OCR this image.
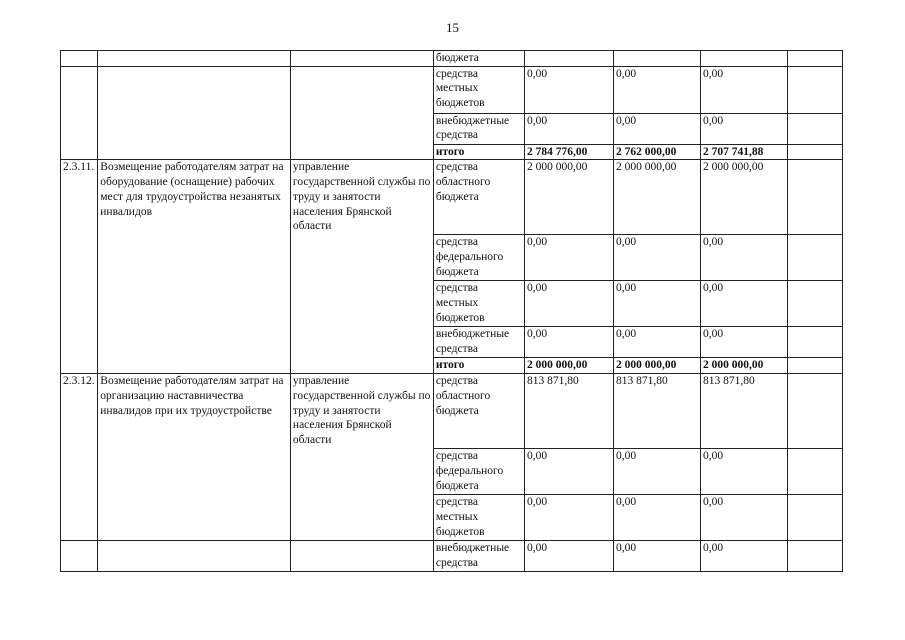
15
			бюджета				
			средства местных бюджетов	0,00	0,00	0,00	
			внебюджетные средства	0,00	0,00	0,00	
			итого	2 784 776,00	2 762 000,00	2 707 741,88	
2.3.11.	Возмещение работодателям затрат на оборудование (оснащение) рабочих мест для трудоустройства незанятых инвалидов	управление государственной службы по труду и занятости населения Брянской области	средства областного бюджета	2 000 000,00	2 000 000,00	2 000 000,00	
			средства федерального бюджета	0,00	0,00	0,00	
			средства местных бюджетов	0,00	0,00	0,00	
			внебюджетные средства	0,00	0,00	0,00	
			итого	2 000 000,00	2 000 000,00	2 000 000,00	
2.3.12.	Возмещение работодателям затрат на организацию наставничества инвалидов при их трудоустройстве	управление государственной службы по труду и занятости населения Брянской области	средства областного бюджета	813 871,80	813 871,80	813 871,80	
			средства федерального бюджета	0,00	0,00	0,00	
			средства местных бюджетов	0,00	0,00	0,00	
			внебюджетные средства	0,00	0,00	0,00	
